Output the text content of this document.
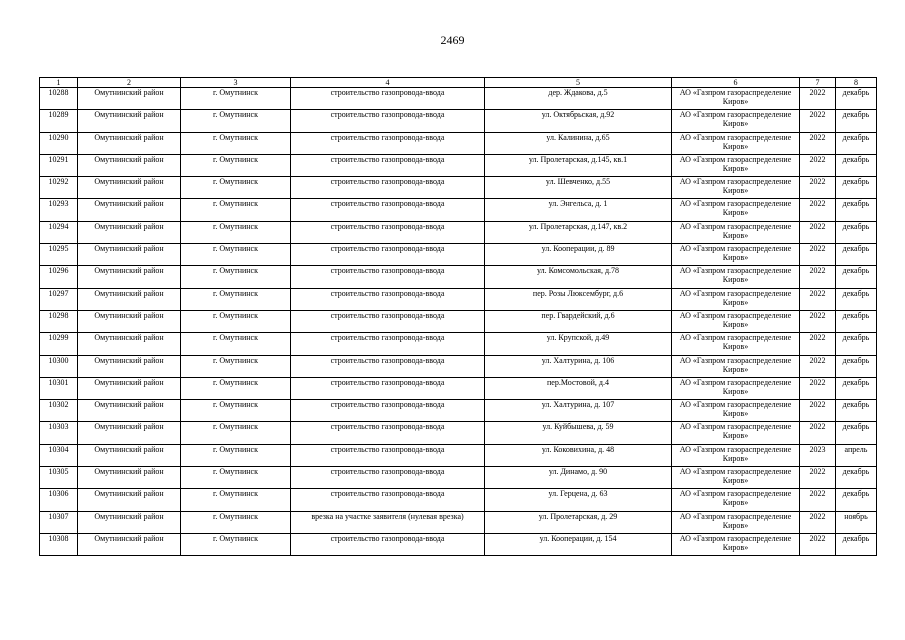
2469
1	2	3	4	5	6	7	8
10288	Омутнинский район	г. Омутнинск	строительство газопровода-ввода	дер. Ждакова, д.5	АО «Газпром газораспределение Киров»	2022	декабрь
10289	Омутнинский район	г. Омутнинск	строительство газопровода-ввода	ул. Октябрьская, д.92	АО «Газпром газораспределение Киров»	2022	декабрь
10290	Омутнинский район	г. Омутнинск	строительство газопровода-ввода	ул. Калинина, д.65	АО «Газпром газораспределение Киров»	2022	декабрь
10291	Омутнинский район	г. Омутнинск	строительство газопровода-ввода	ул. Пролетарская, д.145, кв.1	АО «Газпром газораспределение Киров»	2022	декабрь
10292	Омутнинский район	г. Омутнинск	строительство газопровода-ввода	ул. Шевченко, д.55	АО «Газпром газораспределение Киров»	2022	декабрь
10293	Омутнинский район	г. Омутнинск	строительство газопровода-ввода	ул. Энгельса, д. 1	АО «Газпром газораспределение Киров»	2022	декабрь
10294	Омутнинский район	г. Омутнинск	строительство газопровода-ввода	ул. Пролетарская, д.147, кв.2	АО «Газпром газораспределение Киров»	2022	декабрь
10295	Омутнинский район	г. Омутнинск	строительство газопровода-ввода	ул. Кооперации, д. 89	АО «Газпром газораспределение Киров»	2022	декабрь
10296	Омутнинский район	г. Омутнинск	строительство газопровода-ввода	ул. Комсомольская, д.78	АО «Газпром газораспределение Киров»	2022	декабрь
10297	Омутнинский район	г. Омутнинск	строительство газопровода-ввода	пер. Розы Люксембург, д.6	АО «Газпром газораспределение Киров»	2022	декабрь
10298	Омутнинский район	г. Омутнинск	строительство газопровода-ввода	пер. Гвардейский, д.6	АО «Газпром газораспределение Киров»	2022	декабрь
10299	Омутнинский район	г. Омутнинск	строительство газопровода-ввода	ул. Крупской, д.49	АО «Газпром газораспределение Киров»	2022	декабрь
10300	Омутнинский район	г. Омутнинск	строительство газопровода-ввода	ул. Халтурина, д. 106	АО «Газпром газораспределение Киров»	2022	декабрь
10301	Омутнинский район	г. Омутнинск	строительство газопровода-ввода	пер.Мостовой, д.4	АО «Газпром газораспределение Киров»	2022	декабрь
10302	Омутнинский район	г. Омутнинск	строительство газопровода-ввода	ул. Халтурина, д. 107	АО «Газпром газораспределение Киров»	2022	декабрь
10303	Омутнинский район	г. Омутнинск	строительство газопровода-ввода	ул. Куйбышева, д. 59	АО «Газпром газораспределение Киров»	2022	декабрь
10304	Омутнинский район	г. Омутнинск	строительство газопровода-ввода	ул. Коковихина, д. 48	АО «Газпром газораспределение Киров»	2023	апрель
10305	Омутнинский район	г. Омутнинск	строительство газопровода-ввода	ул. Динамо, д. 90	АО «Газпром газораспределение Киров»	2022	декабрь
10306	Омутнинский район	г. Омутнинск	строительство газопровода-ввода	ул. Герцена, д. 63	АО «Газпром газораспределение Киров»	2022	декабрь
10307	Омутнинский район	г. Омутнинск	врезка на участке заявителя (нулевая врезка)	ул. Пролетарская, д. 29	АО «Газпром газораспределение Киров»	2022	ноябрь
10308	Омутнинский район	г. Омутнинск	строительство газопровода-ввода	ул. Кооперации, д. 154	АО «Газпром газораспределение Киров»	2022	декабрь
